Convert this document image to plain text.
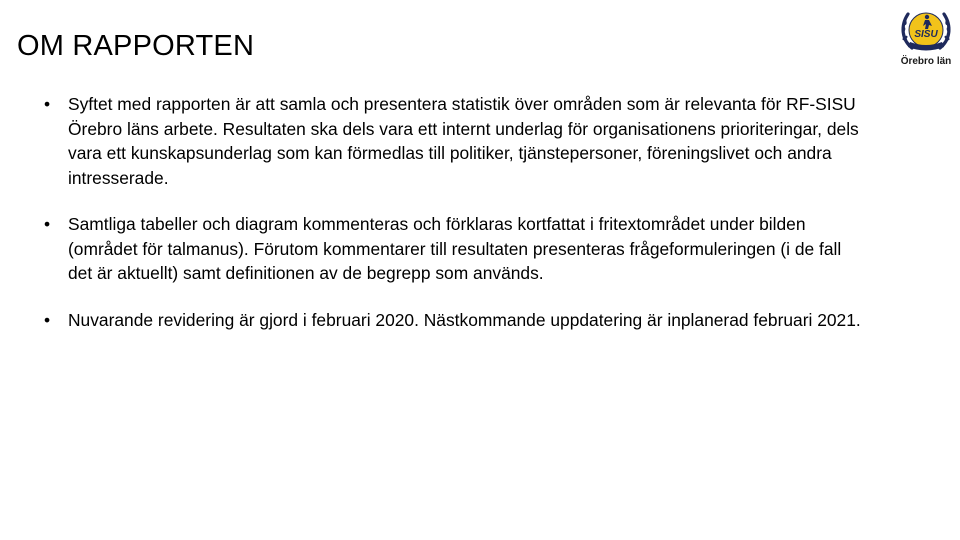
OM RAPPORTEN	SISU
Örebro län
• Syftet med rapporten är att samla och presentera statistik över områden som är relevanta för RF-SISU Örebro läns arbete. Resultaten ska dels vara ett internt underlag för organisationens prioriteringar, dels vara ett kunskapsunderlag som kan förmedlas till politiker, tjänstepersoner, föreningslivet och andra intresserade.
• Samtliga tabeller och diagram kommenteras och förklaras kortfattat i fritextområdet under bilden (området för talmanus). Förutom kommentarer till resultaten presenteras frågeformuleringen (i de fall det är aktuellt) samt definitionen av de begrepp som används.
• Nuvarande revidering är gjord i februari 2020. Nästkommande uppdatering är inplanerad februari 2021.
